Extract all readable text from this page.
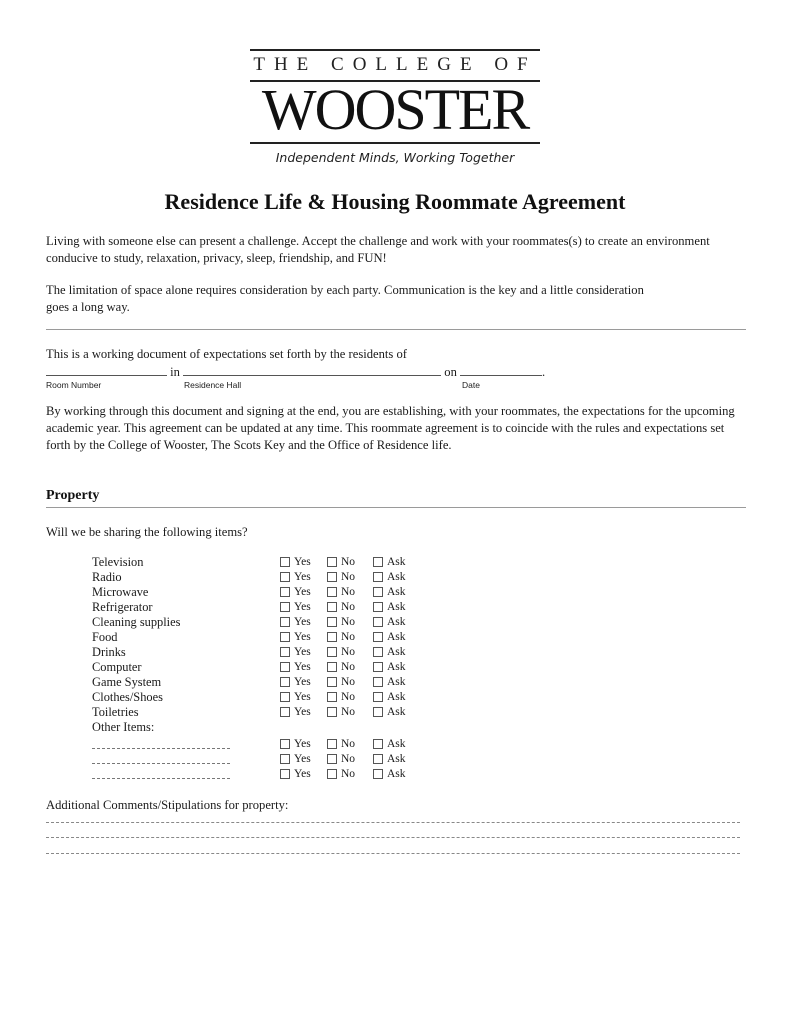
THE COLLEGE OF
WOOSTER
Independent Minds, Working Together
Residence Life & Housing Roommate Agreement
Living with someone else can present a challenge. Accept the challenge and work with your roommates(s) to create an environment conducive to study, relaxation, privacy, sleep, friendship, and FUN!
The limitation of space alone requires consideration by each party. Communication is the key and a little consideration goes a long way.
This is a working document of expectations set forth by the residents of
in	on	.
Room Number	Residence Hall	Date
By working through this document and signing at the end, you are establishing, with your roommates, the expectations for the upcoming academic year. This agreement can be updated at any time. This roommate agreement is to coincide with the rules and expectations set forth by the College of Wooster, The Scots Key and the Office of Residence life.
Property
Will we be sharing the following items?
Television	Yes	No	Ask
Radio	Yes	No	Ask
Microwave	Yes	No	Ask
Refrigerator	Yes	No	Ask
Cleaning supplies	Yes	No	Ask
Food	Yes	No	Ask
Drinks	Yes	No	Ask
Computer	Yes	No	Ask
Game System	Yes	No	Ask
Clothes/Shoes	Yes	No	Ask
Toiletries	Yes	No	Ask
Other Items:
Yes	No	Ask
Yes	No	Ask
Yes	No	Ask
Additional Comments/Stipulations for property:
